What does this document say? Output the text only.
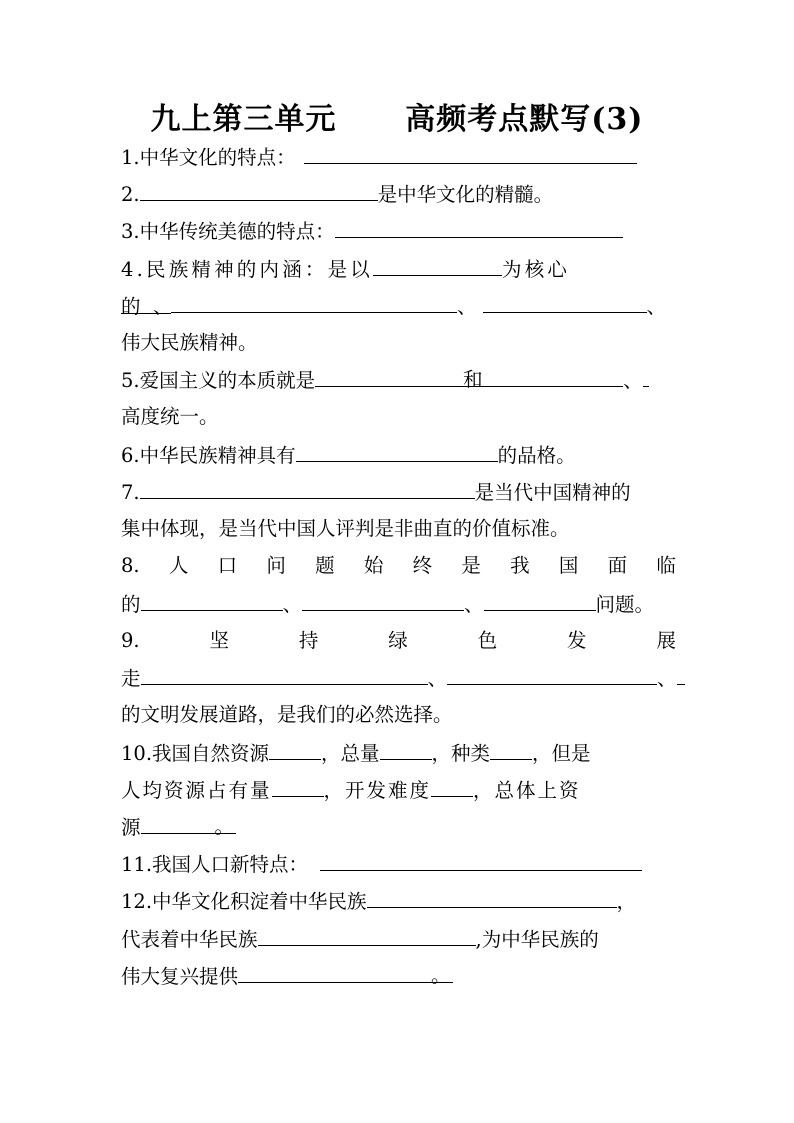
九上第三单元      高频考点默写(3)
1.中华文化的特点：
2.	是中华文化的精髓。
3.中华传统美德的特点：
4.民族精神的内涵：是以	为核心
的 、	、	、
伟大民族精神。
5.爱国主义的本质就是	和	、
高度统一。
6.中华民族精神具有	的品格。
7.	是当代中国精神的
集中体现，是当代中国人评判是非曲直的价值标准。
8. 人 口 问 题 始 终 是 我 国 面 临
的	、	、	问题。
9.	坚	持	绿	色	发	展
走	、	、
的文明发展道路，是我们的必然选择。
10.我国自然资源	，总量	，种类 ，但是
人均资源占有量	，开发难度 ，总体上资
源	。
11.我国人口新特点：
12.中华文化积淀着中华民族	，
代表着中华民族	,为中华民族的
伟大复兴提供	。
